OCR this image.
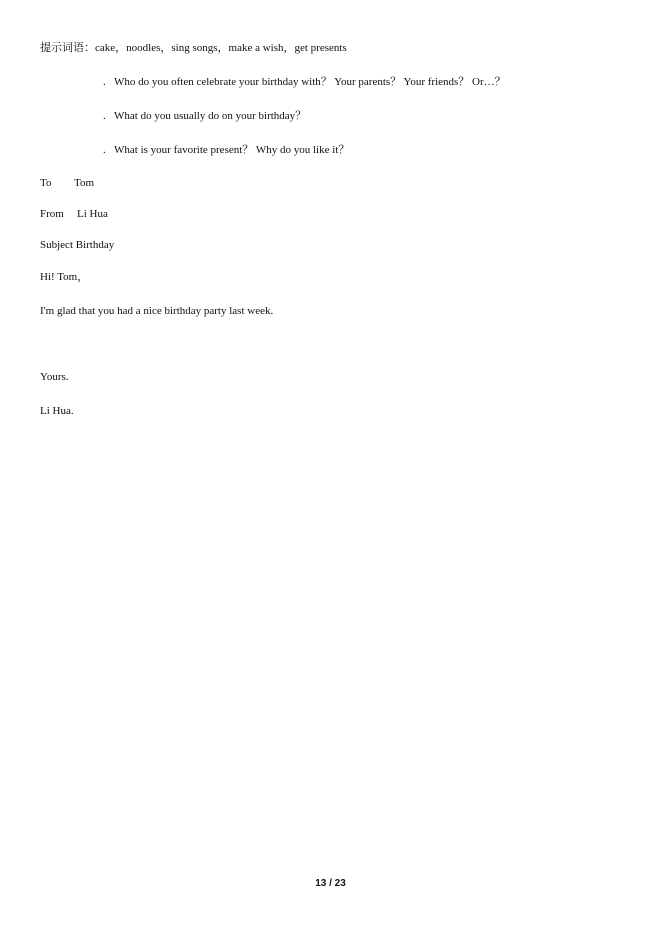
提示词语：cake，noodles，sing songs，make a wish，get presents
. Who do you often celebrate your birthday with？ Your parents？ Your friends？ Or…？
. What do you usually do on your birthday？
. What is your favorite present？ Why do you like it？
To Tom
From Li Hua
Subject Birthday
Hi! Tom，
I'm glad that you had a nice birthday party last week.
Yours.
Li Hua.
13 / 23
